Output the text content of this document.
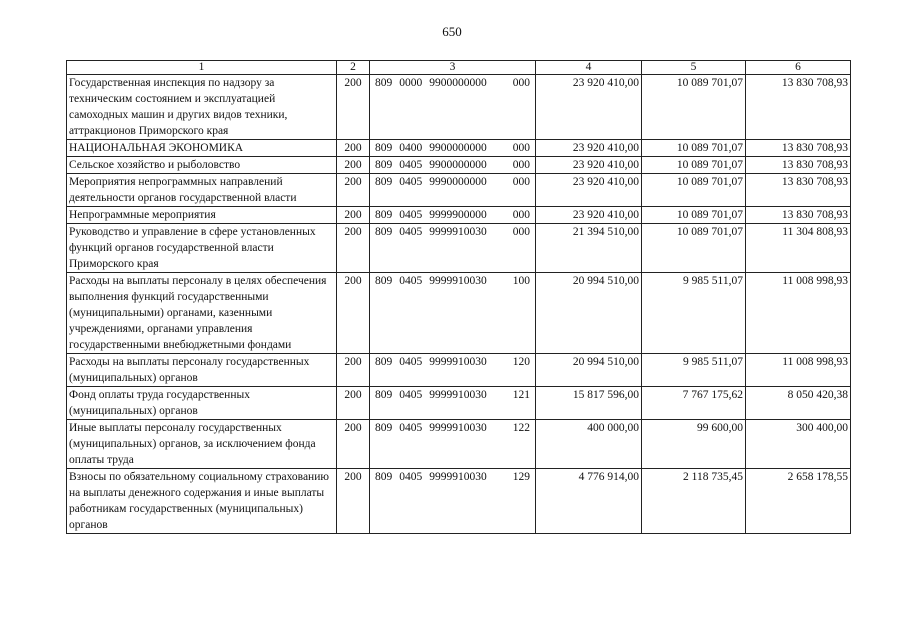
650
1	2	3	4	5	6
Государственная инспекция по надзору за техническим состоянием и эксплуатацией самоходных машин и других видов техники, аттракционов Приморского края	200	809 0000 9900000000 000	23 920 410,00	10 089 701,07	13 830 708,93
НАЦИОНАЛЬНАЯ ЭКОНОМИКА	200	809 0400 9900000000 000	23 920 410,00	10 089 701,07	13 830 708,93
Сельское хозяйство и рыболовство	200	809 0405 9900000000 000	23 920 410,00	10 089 701,07	13 830 708,93
Мероприятия непрограммных направлений деятельности органов государственной власти	200	809 0405 9990000000 000	23 920 410,00	10 089 701,07	13 830 708,93
Непрограммные мероприятия	200	809 0405 9999900000 000	23 920 410,00	10 089 701,07	13 830 708,93
Руководство и управление в сфере установленных функций органов государственной власти Приморского края	200	809 0405 9999910030 000	21 394 510,00	10 089 701,07	11 304 808,93
Расходы на выплаты персоналу в целях обеспечения выполнения функций государственными (муниципальными) органами, казенными учреждениями, органами управления государственными внебюджетными фондами	200	809 0405 9999910030 100	20 994 510,00	9 985 511,07	11 008 998,93
Расходы на выплаты персоналу государственных (муниципальных) органов	200	809 0405 9999910030 120	20 994 510,00	9 985 511,07	11 008 998,93
Фонд оплаты труда государственных (муниципальных) органов	200	809 0405 9999910030 121	15 817 596,00	7 767 175,62	8 050 420,38
Иные выплаты персоналу государственных (муниципальных) органов, за исключением фонда оплаты труда	200	809 0405 9999910030 122	400 000,00	99 600,00	300 400,00
Взносы по обязательному социальному страхованию на выплаты денежного содержания и иные выплаты работникам государственных (муниципальных) органов	200	809 0405 9999910030 129	4 776 914,00	2 118 735,45	2 658 178,55
